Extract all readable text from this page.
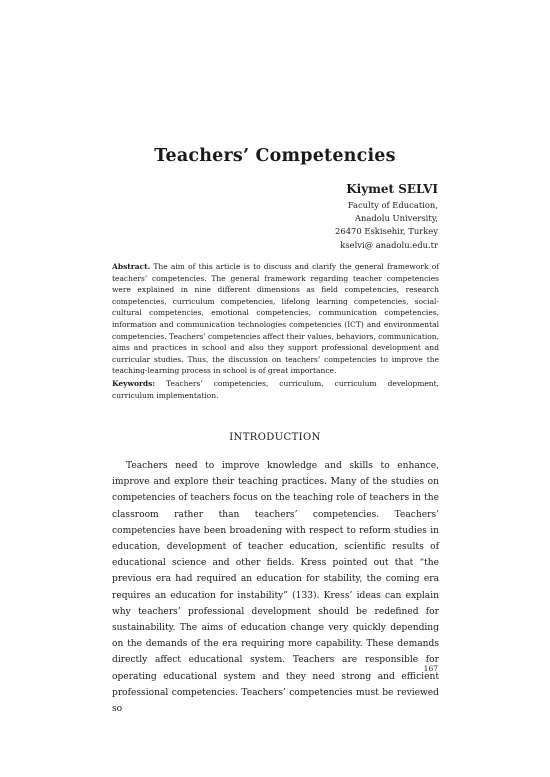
Teachers’ Competencies
Kiymet SELVI
Faculty of Education,
Anadolu University,
26470 Eskisehir, Turkey
kselvi@ anadolu.edu.tr
Abstract. The aim of this article is to discuss and clarify the general framework of teachers’ competencies. The general framework regarding teacher competencies were explained in nine different dimensions as field competencies, research competencies, curriculum competencies, lifelong learning competencies, social-cultural competencies, emotional competencies, communication competencies, information and communication technologies competencies (ICT) and environmental competencies. Teachers’ competencies affect their values, behaviors, communication, aims and practices in school and also they support professional development and curricular studies. Thus, the discussion on teachers’ competencies to improve the teaching-learning process in school is of great importance.
Keywords: Teachers’ competencies, curriculum, curriculum development, curriculum implementation.
INTRODUCTION
Teachers need to improve knowledge and skills to enhance, improve and explore their teaching practices. Many of the studies on competencies of teachers focus on the teaching role of teachers in the classroom rather than teachers’ competencies. Teachers’ competencies have been broadening with respect to reform studies in education, development of teacher education, scientific results of educational science and other fields. Kress pointed out that “the previous era had required an education for stability, the coming era requires an education for instability” (133). Kress’ ideas can explain why teachers’ professional development should be redefined for sustainability. The aims of education change very quickly depending on the demands of the era requiring more capability. These demands directly affect educational system. Teachers are responsible for operating educational system and they need strong and efficient professional competencies. Teachers’ competencies must be reviewed so
167
